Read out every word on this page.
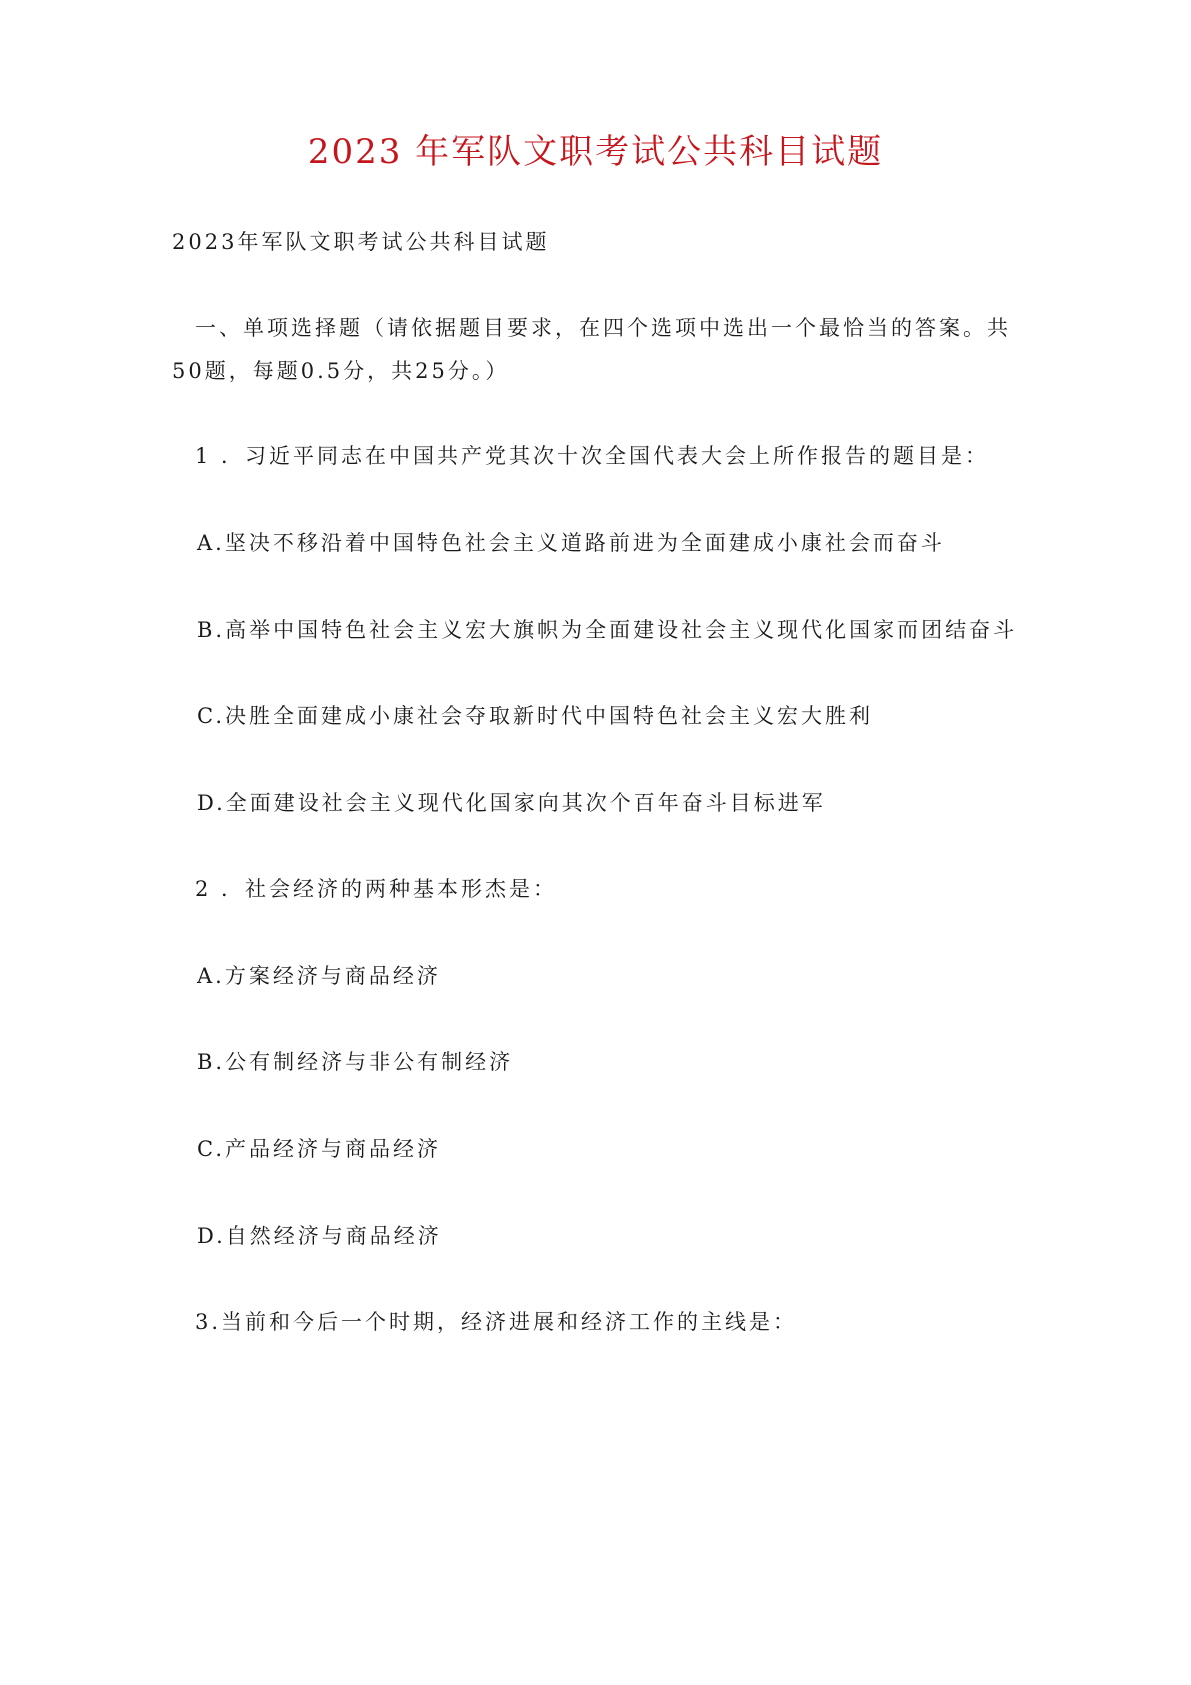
2023 年军队文职考试公共科目试题

2023年军队文职考试公共科目试题

一、单项选择题（请依据题目要求，在四个选项中选出一个最恰当的答案。共

50题，每题0.5分，共25分。）

1 ．习近平同志在中国共产党其次十次全国代表大会上所作报告的题目是：

A.坚决不移沿着中国特色社会主义道路前进为全面建成小康社会而奋斗

B.高举中国特色社会主义宏大旗帜为全面建设社会主义现代化国家而团结奋斗

C.决胜全面建成小康社会夺取新时代中国特色社会主义宏大胜利

D.全面建设社会主义现代化国家向其次个百年奋斗目标进军

2 ．社会经济的两种基本形杰是：

A.方案经济与商品经济

B.公有制经济与非公有制经济

C.产品经济与商品经济

D.自然经济与商品经济

3.当前和今后一个时期，经济进展和经济工作的主线是：
